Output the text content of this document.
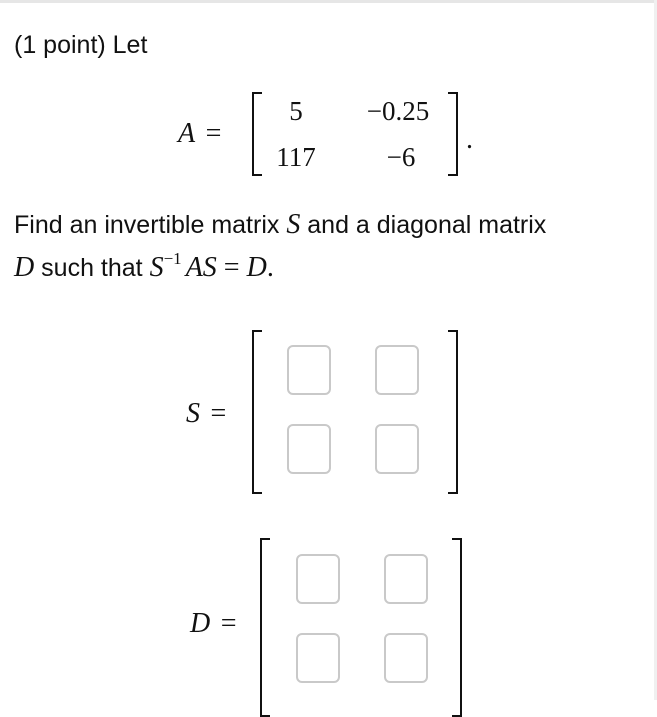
(1 point) Let
A =
5	−0.25
117	−6
.
Find an invertible matrix S and a diagonal matrix
D such that $S^{-1}$ AS = D.
S =
D =
